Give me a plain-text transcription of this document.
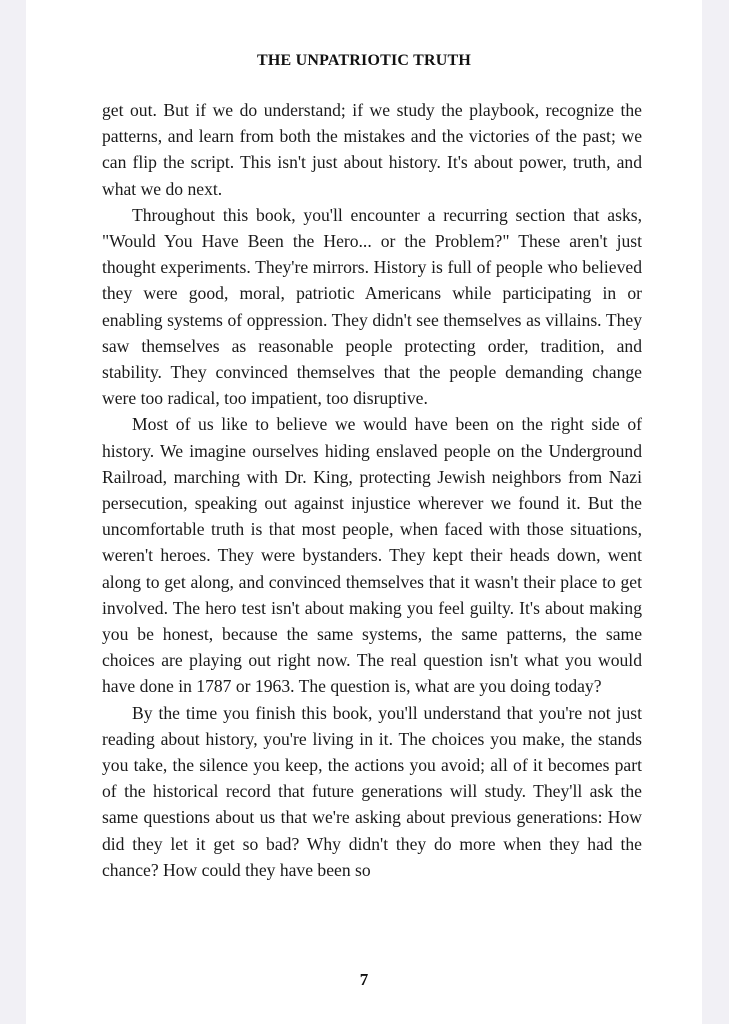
THE UNPATRIOTIC TRUTH

get out. But if we do understand; if we study the playbook, recognize the patterns, and learn from both the mistakes and the victories of the past; we can flip the script. This isn't just about history. It's about power, truth, and what we do next.

Throughout this book, you'll encounter a recurring section that asks, "Would You Have Been the Hero... or the Problem?" These aren't just thought experiments. They're mirrors. History is full of people who believed they were good, moral, patriotic Americans while participating in or enabling systems of oppression. They didn't see themselves as villains. They saw themselves as reasonable people protecting order, tradition, and stability. They convinced themselves that the people demanding change were too radical, too impatient, too disruptive.

Most of us like to believe we would have been on the right side of history. We imagine ourselves hiding enslaved people on the Underground Railroad, marching with Dr. King, protecting Jewish neighbors from Nazi persecution, speaking out against injustice wherever we found it. But the uncomfortable truth is that most people, when faced with those situations, weren't heroes. They were bystanders. They kept their heads down, went along to get along, and convinced themselves that it wasn't their place to get involved. The hero test isn't about making you feel guilty. It's about making you be honest, because the same systems, the same patterns, the same choices are playing out right now. The real question isn't what you would have done in 1787 or 1963. The question is, what are you doing today?

By the time you finish this book, you'll understand that you're not just reading about history, you're living in it. The choices you make, the stands you take, the silence you keep, the actions you avoid; all of it becomes part of the historical record that future generations will study. They'll ask the same questions about us that we're asking about previous generations: How did they let it get so bad? Why didn't they do more when they had the chance? How could they have been so

7
